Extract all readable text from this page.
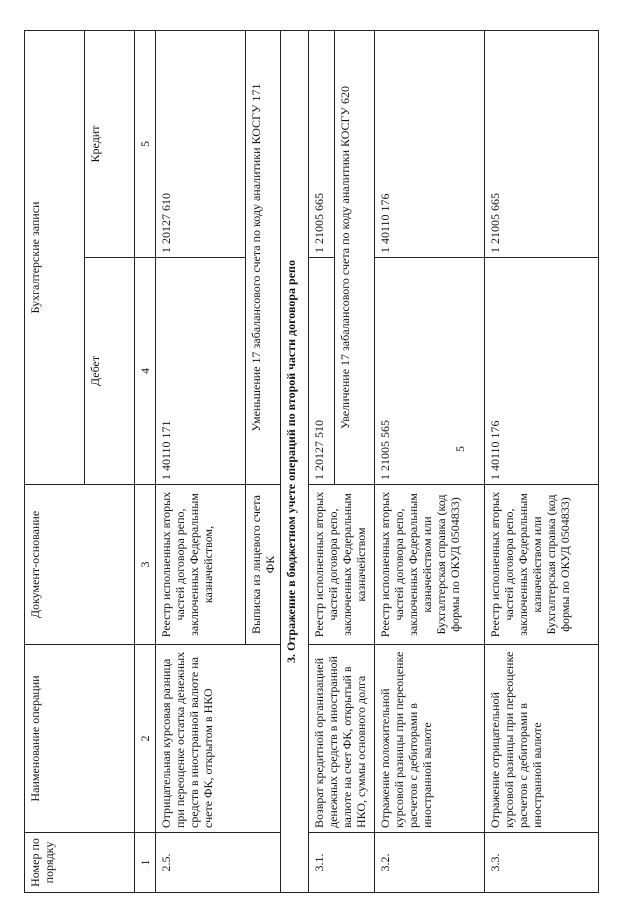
5
Номер по порядку	Наименование операции	Документ-основание	Бухгалтерские записи	
			Дебет	Кредит
1	2	3	4	5
2.5.	Отрицательная курсовая разница при переоценке остатка денежных средств в иностранной валюте на счете ФК, открытом в НКО	Реестр исполненных вторых частей договора репо, заключенных Федеральным казначейством,	1 40110 171	1 20127 610
		Выписка из лицевого счета ФК	Уменьшение 17 забалансового счета по коду аналитики КОСГУ 171	
3. Отражение в бюджетном учете операций по второй части договора репо				
3.1.	Возврат кредитной организацией денежных средств в иностранной валюте на счет ФК, открытый в НКО, суммы основного долга	Реестр исполненных вторых частей договора репо, заключенных Федеральным казначейством	1 20127 510	1 21005 665
			Увеличение 17 забалансового счета по коду аналитики КОСГУ 620	
3.2.	Отражение положительной курсовой разницы при переоценке расчетов с дебиторами в иностранной валюте	Реестр исполненных вторых частей договора репо, заключенных Федеральным казначейством или Бухгалтерская справка (код формы по ОКУД 0504833)	1 21005 565	1 40110 176
3.3.	Отражение отрицательной курсовой разницы при переоценке расчетов с дебиторами в иностранной валюте	Реестр исполненных вторых частей договора репо, заключенных Федеральным казначейством или Бухгалтерская справка (код формы по ОКУД 0504833)	1 40110 176	1 21005 665
